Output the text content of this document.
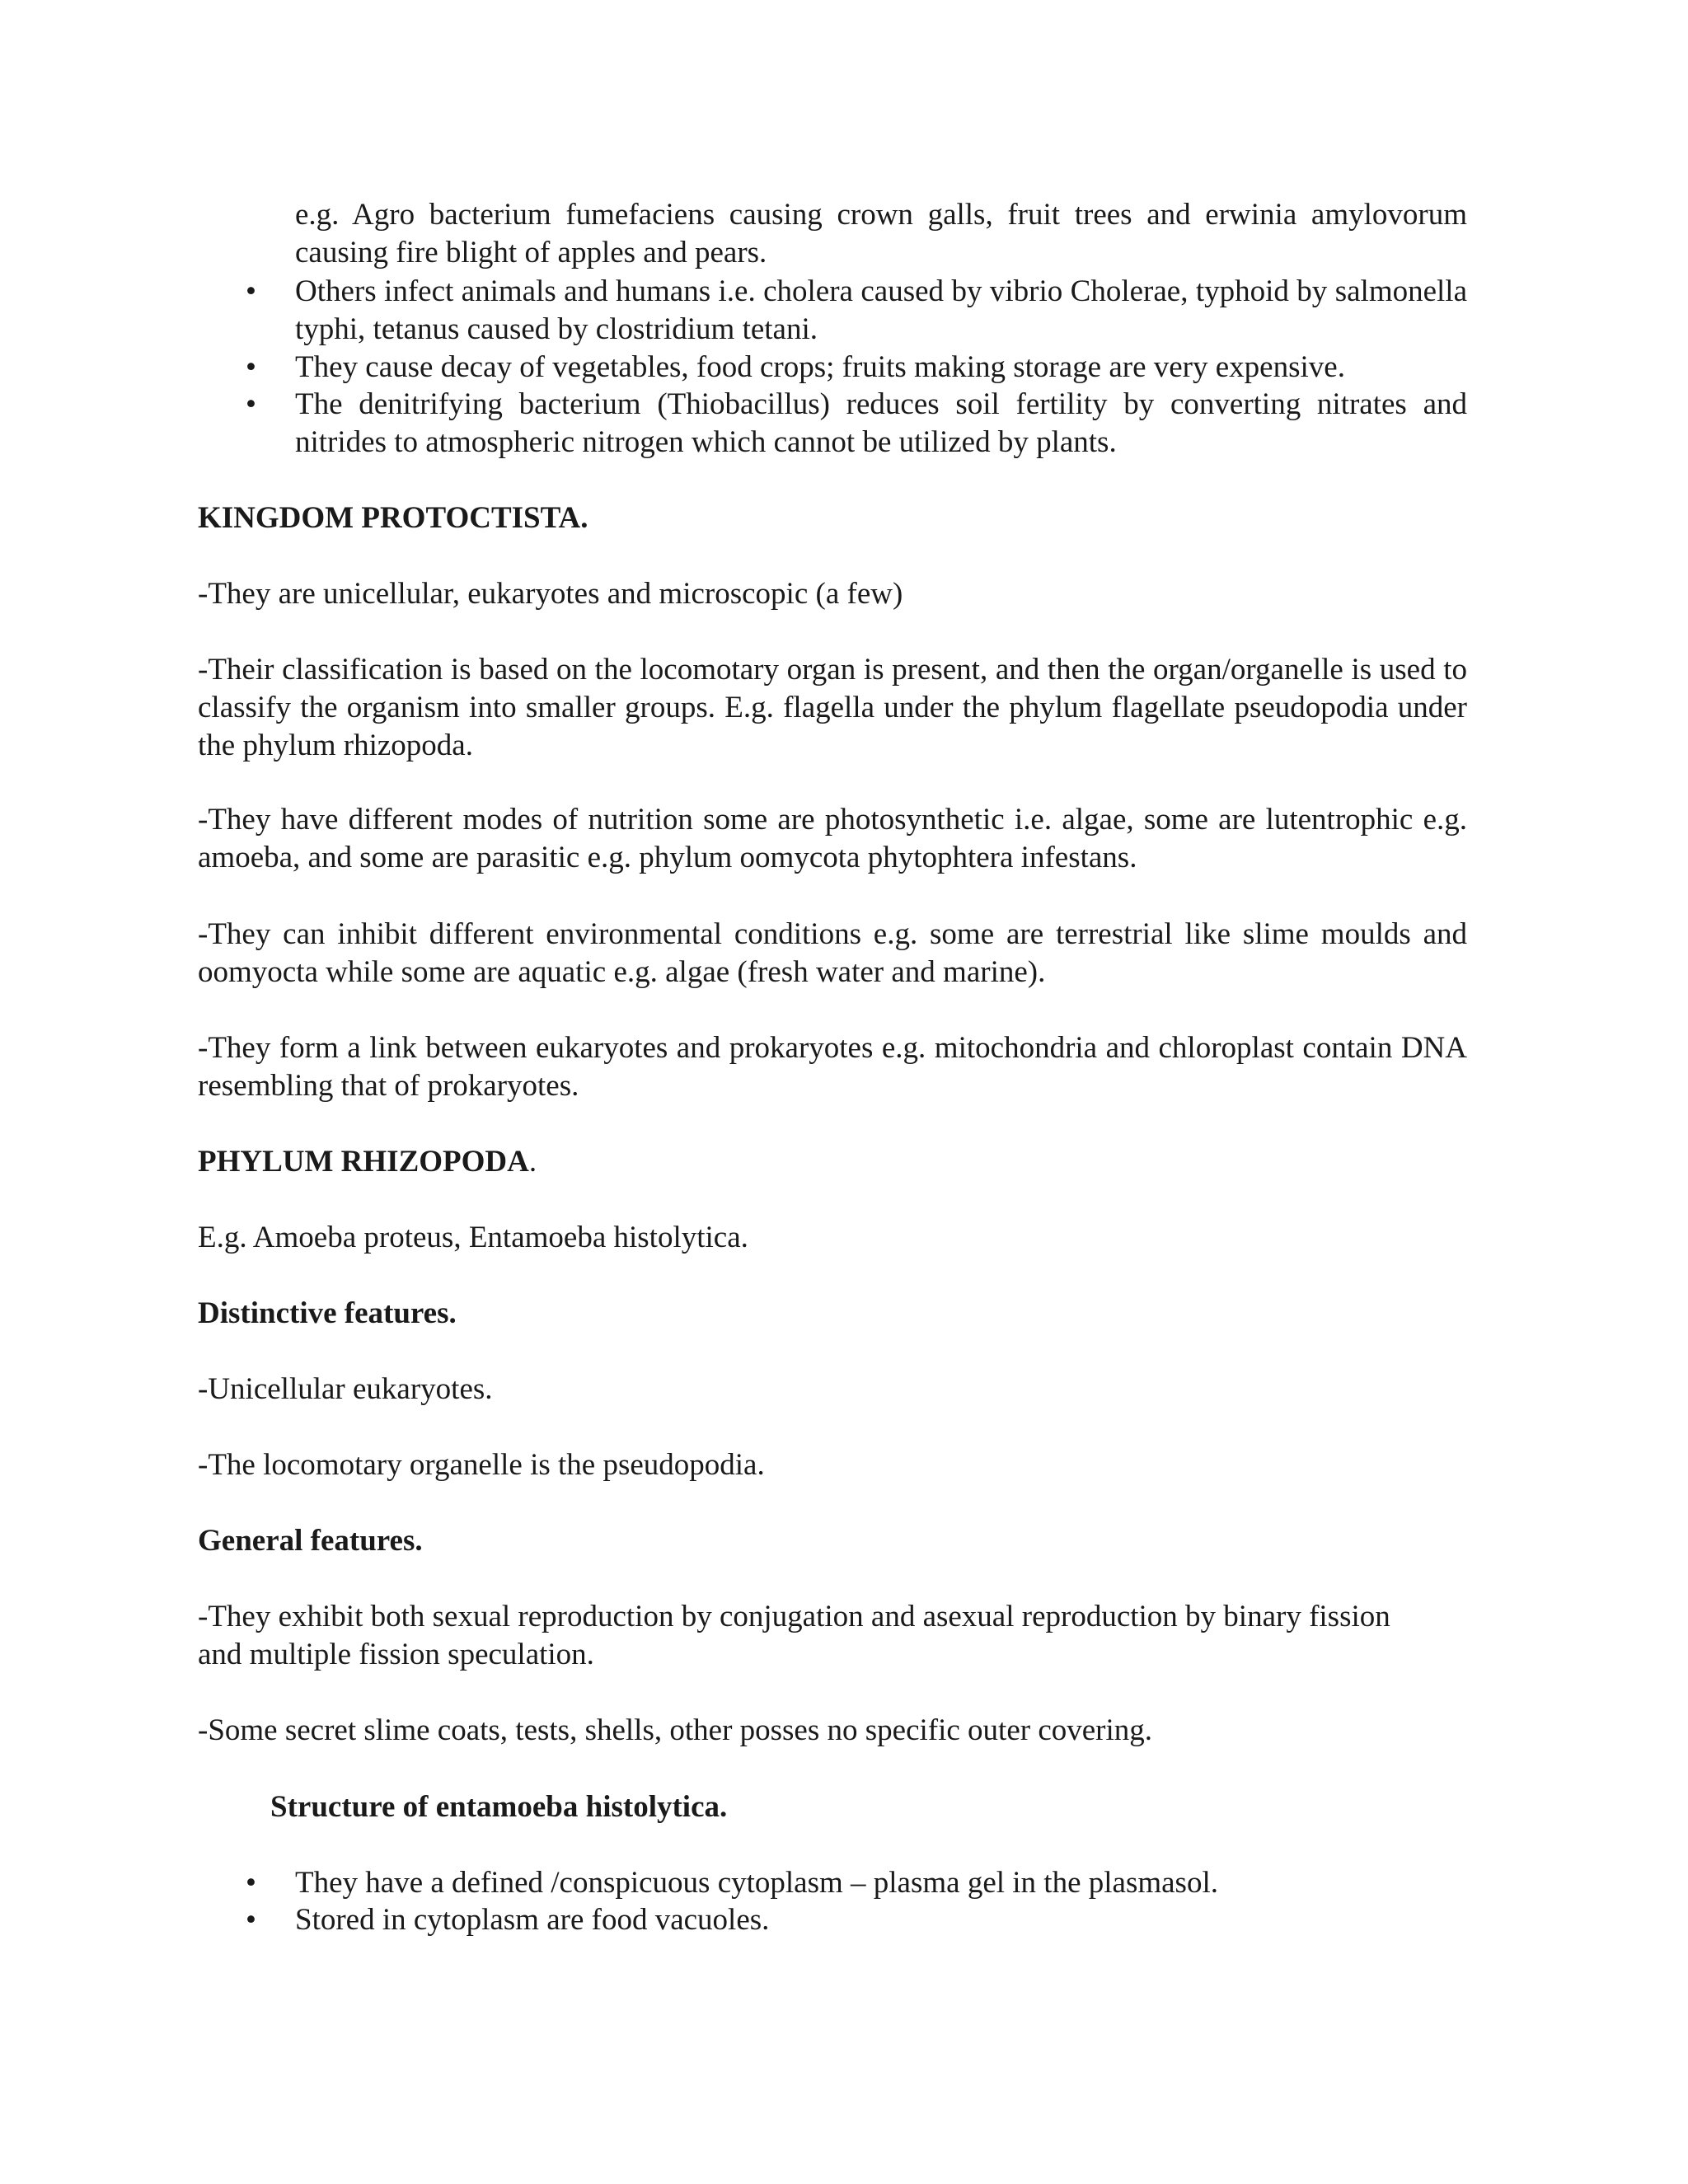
e.g. Agro bacterium fumefaciens causing crown galls, fruit trees and erwinia amylovorum causing fire blight of apples and pears.
• Others infect animals and humans i.e. cholera caused by vibrio Cholerae, typhoid by salmonella typhi, tetanus caused by clostridium tetani.
• They cause decay of vegetables, food crops; fruits making storage are very expensive.
• The denitrifying bacterium (Thiobacillus) reduces soil fertility by converting nitrates and nitrides to atmospheric nitrogen which cannot be utilized by plants.
KINGDOM PROTOCTISTA.
-They are unicellular, eukaryotes and microscopic (a few)
-Their classification is based on the locomotary organ is present, and then the organ/organelle is used to classify the organism into smaller groups. E.g. flagella under the phylum flagellate pseudopodia under the phylum rhizopoda.
-They have different modes of nutrition some are photosynthetic i.e. algae, some are lutentrophic e.g. amoeba, and some are parasitic e.g. phylum oomycota phytophtera infestans.
-They can inhibit different environmental conditions e.g. some are terrestrial like slime moulds and oomyocta while some are aquatic e.g. algae (fresh water and marine).
-They form a link between eukaryotes and prokaryotes e.g. mitochondria and chloroplast contain DNA resembling that of prokaryotes.
PHYLUM RHIZOPODA.
E.g. Amoeba proteus, Entamoeba histolytica.
Distinctive features.
-Unicellular eukaryotes.
-The locomotary organelle is the pseudopodia.
General features.
-They exhibit both sexual reproduction by conjugation and asexual reproduction by binary fission and multiple fission speculation.
-Some secret slime coats, tests, shells, other posses no specific outer covering.
Structure of entamoeba histolytica.
• They have a defined /conspicuous cytoplasm – plasma gel in the plasmasol.
• Stored in cytoplasm are food vacuoles.
